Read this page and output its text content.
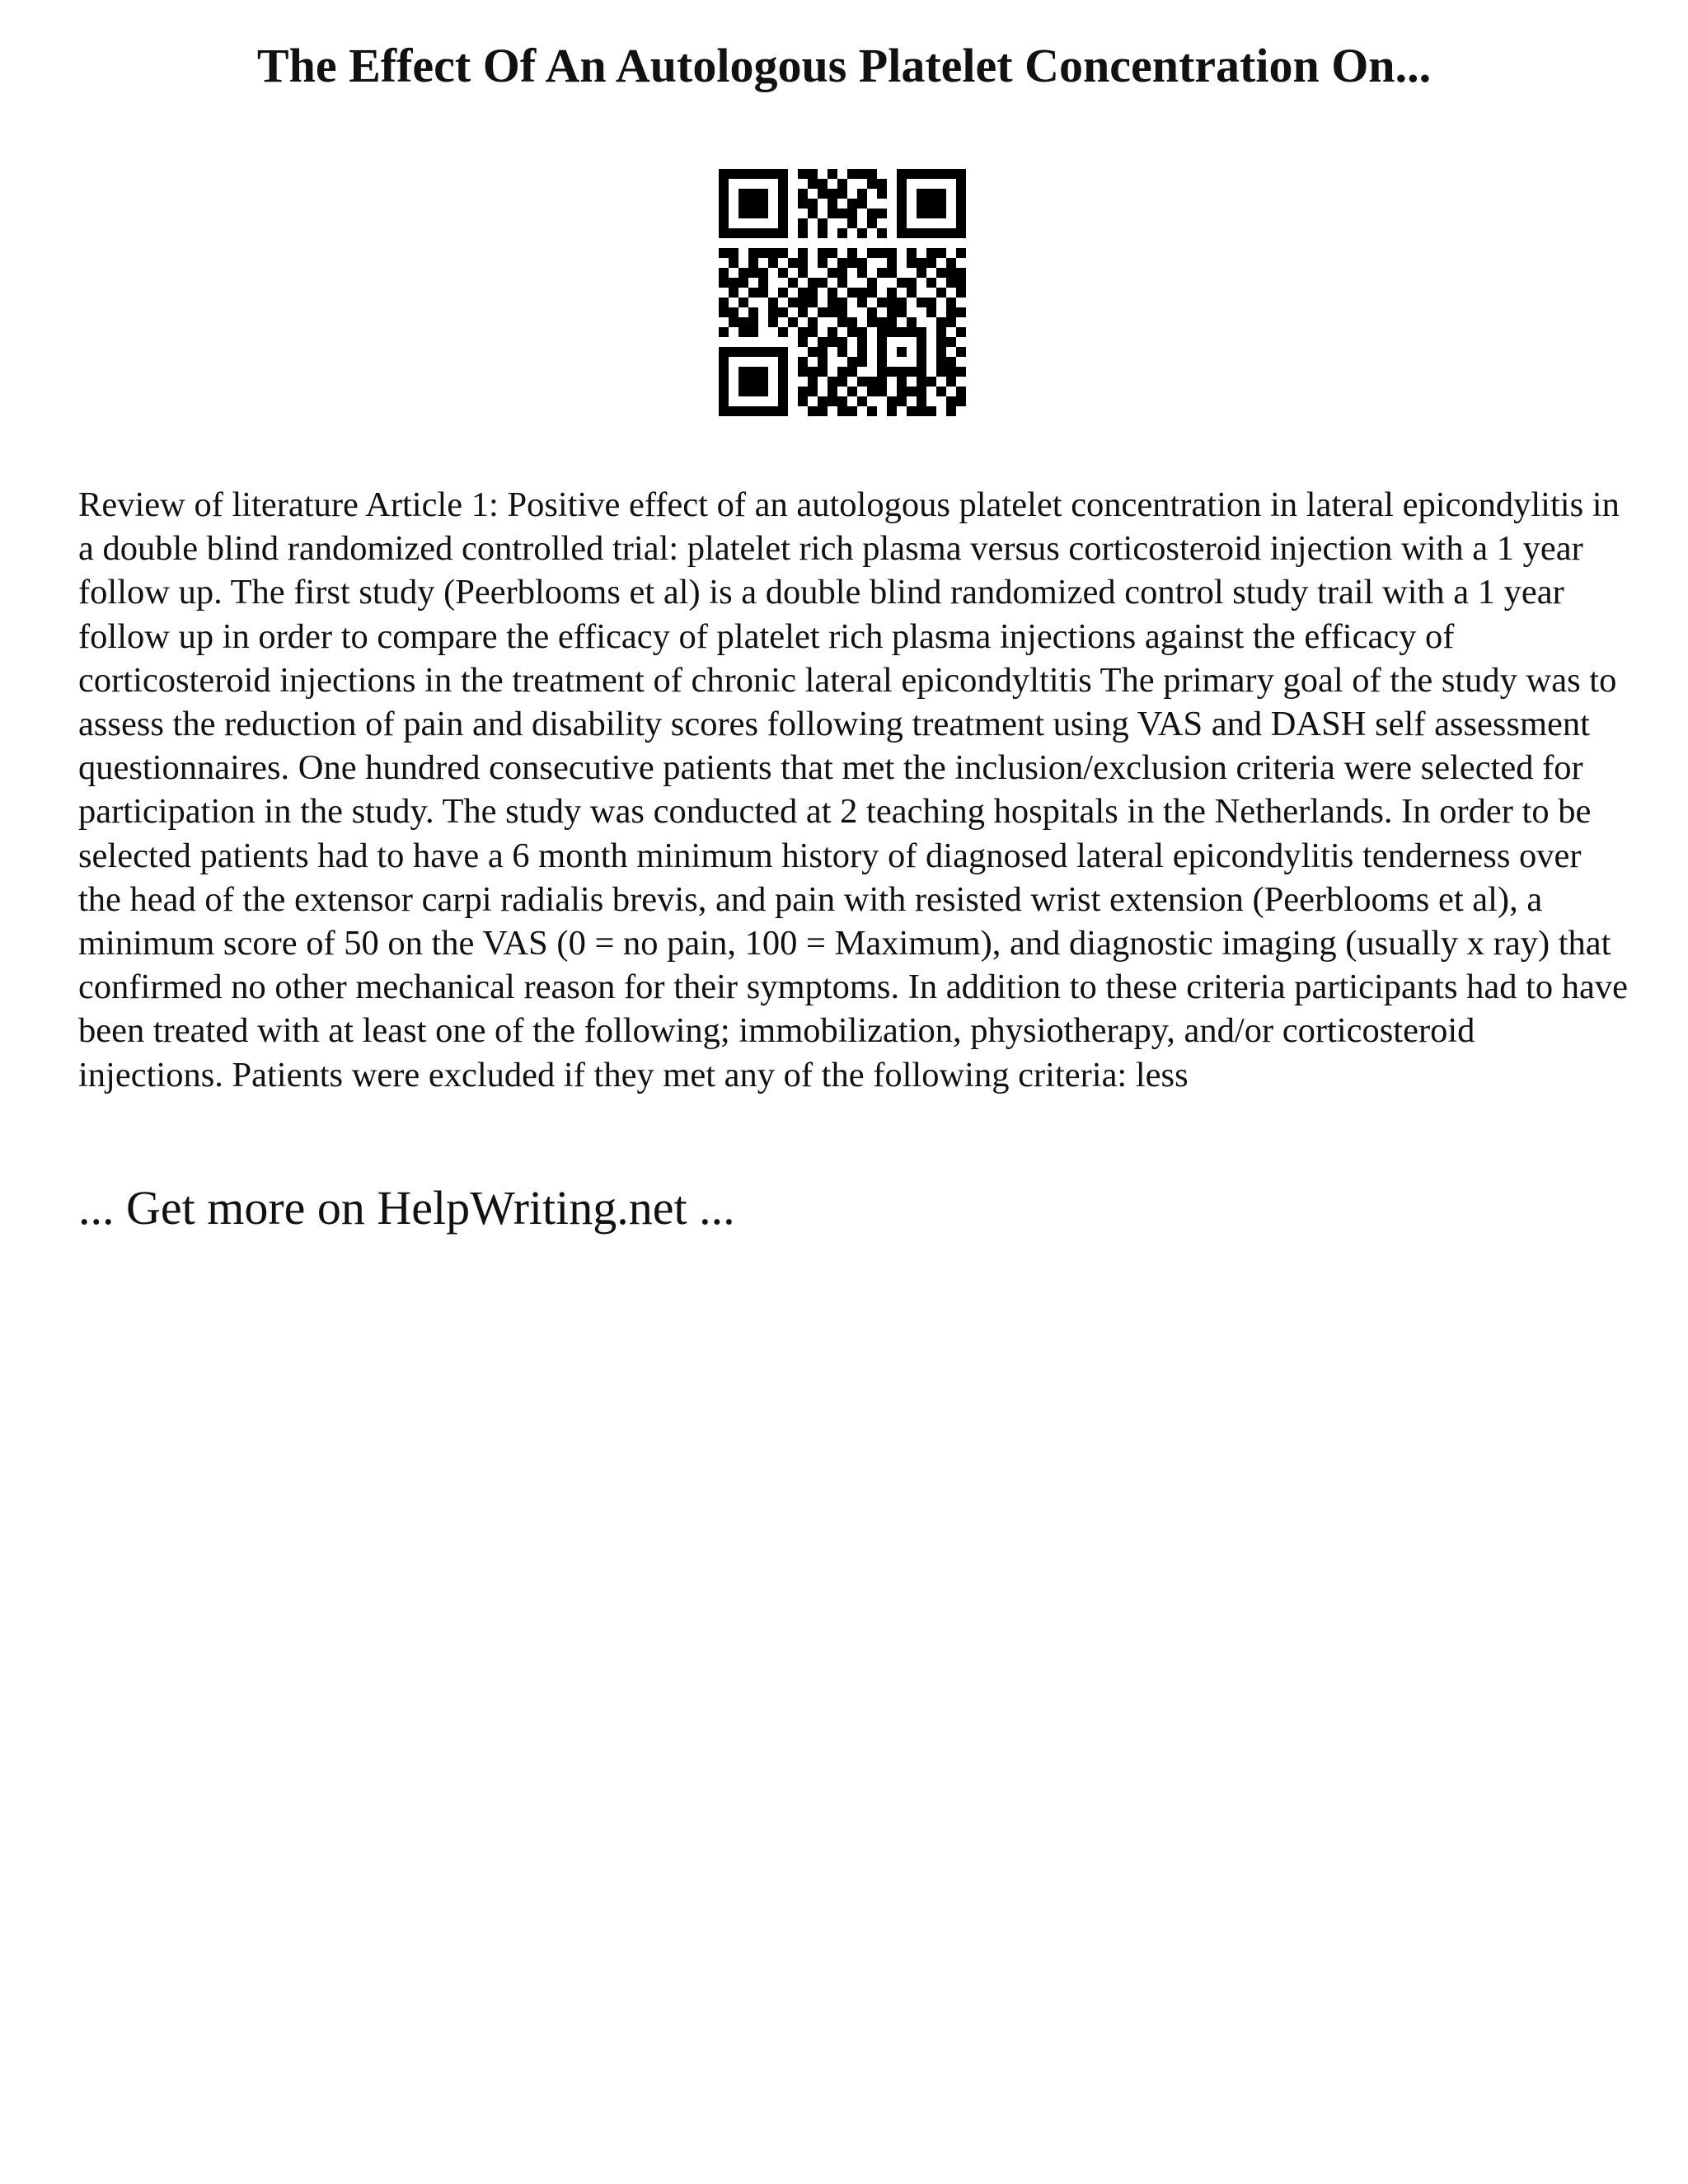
The Effect Of An Autologous Platelet Concentration On...

Review of literature Article 1: Positive effect of an autologous platelet concentration in lateral epicondylitis in a double blind randomized controlled trial: platelet rich plasma versus corticosteroid injection with a 1 year follow up. The first study (Peerblooms et al) is a double blind randomized control study trail with a 1 year follow up in order to compare the efficacy of platelet rich plasma injections against the efficacy of corticosteroid injections in the treatment of chronic lateral epicondyltitis The primary goal of the study was to assess the reduction of pain and disability scores following treatment using VAS and DASH self assessment questionnaires. One hundred consecutive patients that met the inclusion/exclusion criteria were selected for participation in the study. The study was conducted at 2 teaching hospitals in the Netherlands. In order to be selected patients had to have a 6 month minimum history of diagnosed lateral epicondylitis tenderness over the head of the extensor carpi radialis brevis, and pain with resisted wrist extension (Peerblooms et al), a minimum score of 50 on the VAS (0 = no pain, 100 = Maximum), and diagnostic imaging (usually x ray) that confirmed no other mechanical reason for their symptoms. In addition to these criteria participants had to have been treated with at least one of the following; immobilization, physiotherapy, and/or corticosteroid injections. Patients were excluded if they met any of the following criteria: less

... Get more on HelpWriting.net ...
